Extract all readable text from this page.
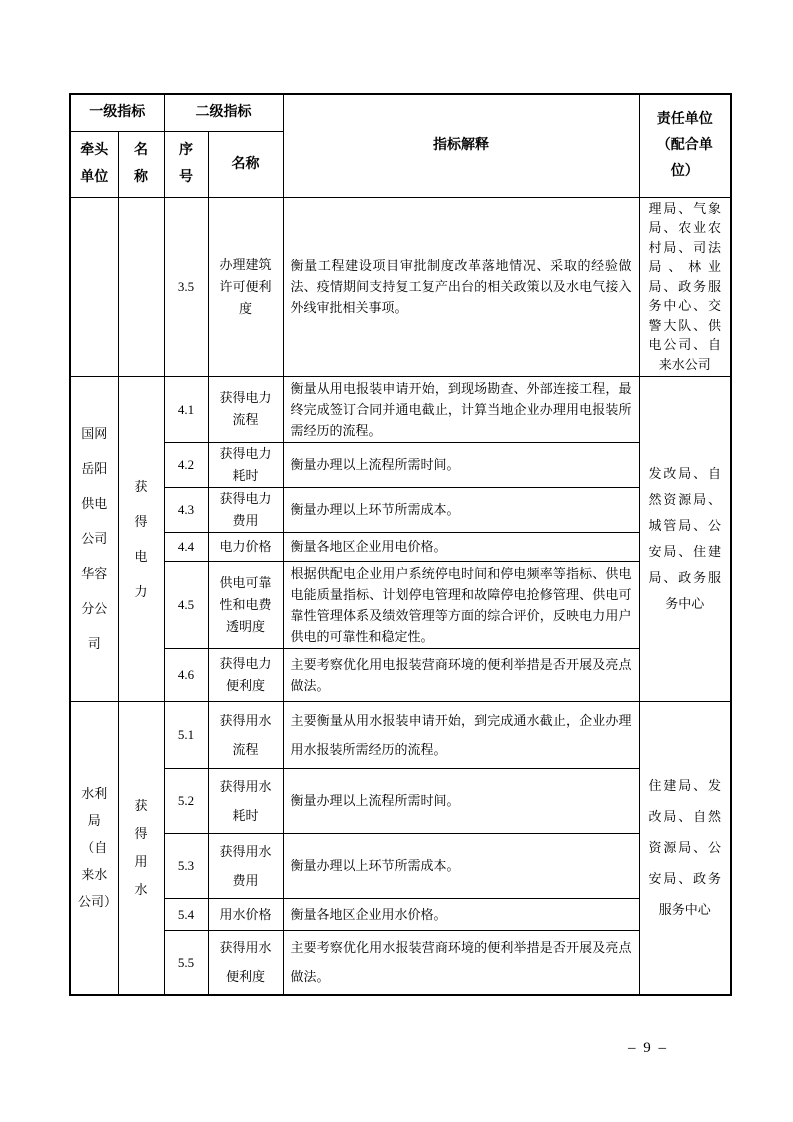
一级指标		二级指标		指标解释	责任单位（配合单位）
牵头单位	名称	序号	名称		
		3.5	办理建筑许可便利度	衡量工程建设项目审批制度改革落地情况、采取的经验做法、疫情期间支持复工复产出台的相关政策以及水电气接入外线审批相关事项。	理局、气象局、农业农村局、司法局、林业局、政务服务中心、交警大队、供电公司、自来水公司
国网岳阳供电公司华容分公司	获得电力	4.1	获得电力流程	衡量从用电报装申请开始，到现场勘查、外部连接工程，最终完成签订合同并通电截止，计算当地企业办理用电报装所需经历的流程。	发改局、自然资源局、城管局、公安局、住建局、政务服务中心
		4.2	获得电力耗时	衡量办理以上流程所需时间。	
		4.3	获得电力费用	衡量办理以上环节所需成本。	
		4.4	电力价格	衡量各地区企业用电价格。	
		4.5	供电可靠性和电费透明度	根据供配电企业用户系统停电时间和停电频率等指标、供电电能质量指标、计划停电管理和故障停电抢修管理、供电可靠性管理体系及绩效管理等方面的综合评价，反映电力用户供电的可靠性和稳定性。	
		4.6	获得电力便利度	主要考察优化用电报装营商环境的便利举措是否开展及亮点做法。	
水利局（自来水公司）	获得用水	5.1	获得用水流程	主要衡量从用水报装申请开始，到完成通水截止，企业办理用水报装所需经历的流程。	住建局、发改局、自然资源局、公安局、政务服务中心
		5.2	获得用水耗时	衡量办理以上流程所需时间。	
		5.3	获得用水费用	衡量办理以上环节所需成本。	
		5.4	用水价格	衡量各地区企业用水价格。	
		5.5	获得用水便利度	主要考察优化用水报装营商环境的便利举措是否开展及亮点做法。	
– 9 –
